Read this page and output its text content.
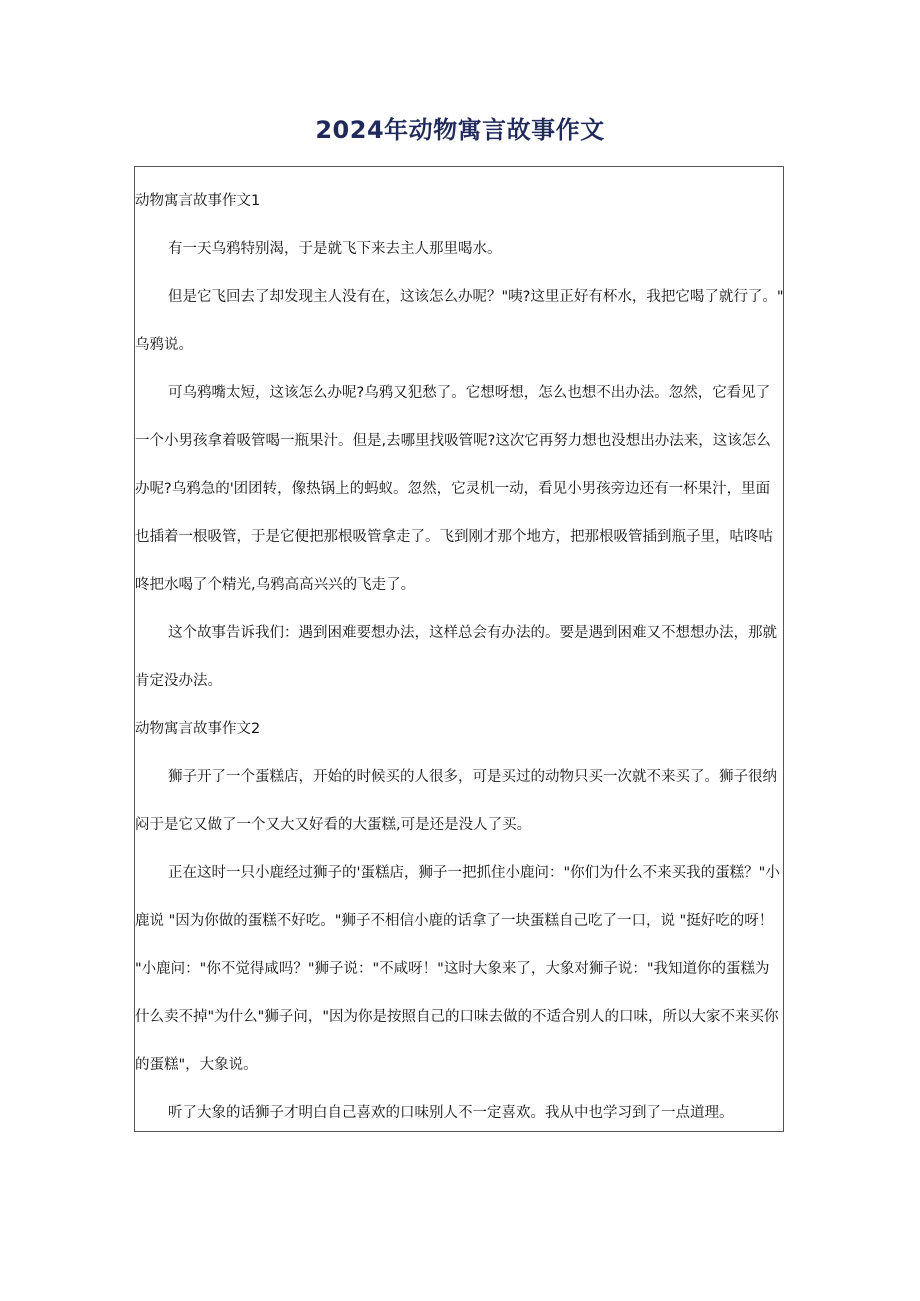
2024年动物寓言故事作文

动物寓言故事作文1

有一天乌鸦特别渴，于是就飞下来去主人那里喝水。

但是它飞回去了却发现主人没有在，这该怎么办呢？"咦?这里正好有杯水，我把它喝了就行了。"
乌鸦说。

可乌鸦嘴太短，这该怎么办呢?乌鸦又犯愁了。它想呀想，怎么也想不出办法。忽然，它看见了
一个小男孩拿着吸管喝一瓶果汁。但是,去哪里找吸管呢?这次它再努力想也没想出办法来，这该怎么
办呢?乌鸦急的'团团转，像热锅上的蚂蚁。忽然，它灵机一动，看见小男孩旁边还有一杯果汁，里面
也插着一根吸管，于是它便把那根吸管拿走了。飞到刚才那个地方，把那根吸管插到瓶子里，咕咚咕
咚把水喝了个精光,乌鸦高高兴兴的飞走了。

这个故事告诉我们：遇到困难要想办法，这样总会有办法的。要是遇到困难又不想想办法，那就
肯定没办法。

动物寓言故事作文2

狮子开了一个蛋糕店，开始的时候买的人很多，可是买过的动物只买一次就不来买了。狮子很纳
闷于是它又做了一个又大又好看的大蛋糕,可是还是没人了买。

正在这时一只小鹿经过狮子的'蛋糕店，狮子一把抓住小鹿问："你们为什么不来买我的蛋糕？"小
鹿说 "因为你做的蛋糕不好吃。"狮子不相信小鹿的话拿了一块蛋糕自己吃了一口，说 "挺好吃的呀！
"小鹿问："你不觉得咸吗？"狮子说："不咸呀！"这时大象来了，大象对狮子说："我知道你的蛋糕为
什么卖不掉"为什么"狮子问，"因为你是按照自己的口味去做的不适合别人的口味，所以大家不来买你
的蛋糕"，大象说。

听了大象的话狮子才明白自己喜欢的口味别人不一定喜欢。我从中也学习到了一点道理。
